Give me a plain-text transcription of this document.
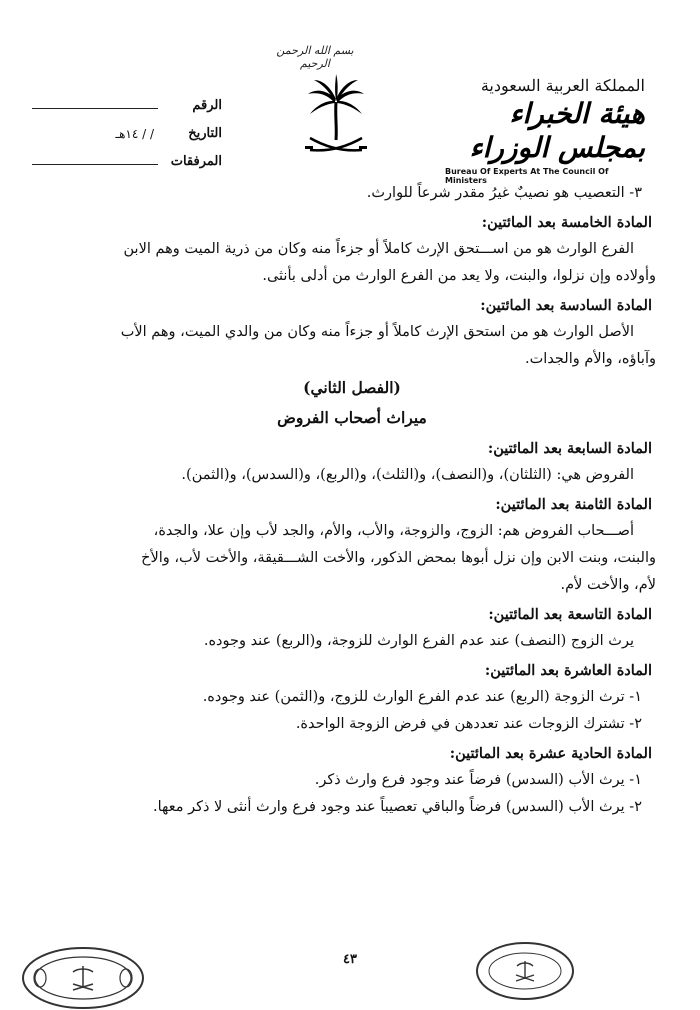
بسم الله الرحمن الرحيم
المملكة العربية السعودية
هيئة الخبراء بمجلس الوزراء
Bureau Of Experts At The Council Of Ministers
الرقم
التاريخ
/ / ١٤هـ
المرفقات
٣- التعصيب هو نصيبٌ غيرُ مقدر شرعاً للوارث.
المادة الخامسة بعد المائتين:
الفرع الوارث هو من اســـتحق الإرث كاملاً أو جزءاً منه وكان من ذرية الميت وهم الابن
وأولاده وإن نزلوا، والبنت، ولا يعد من الفرع الوارث من أدلى بأنثى.
المادة السادسة بعد المائتين:
الأصل الوارث هو من استحق الإرث كاملاً أو جزءاً منه وكان من والدي الميت، وهم الأب
وآباؤه، والأم والجدات.
(الفصل الثاني)
ميراث أصحاب الفروض
المادة السابعة بعد المائتين:
الفروض هي: (الثلثان)، و(النصف)، و(الثلث)، و(الربع)، و(السدس)، و(الثمن).
المادة الثامنة بعد المائتين:
أصـــحاب الفروض هم: الزوج، والزوجة، والأب، والأم، والجد لأب وإن علا، والجدة،
والبنت، وبنت الابن وإن نزل أبوها بمحض الذكور، والأخت الشـــقيقة، والأخت لأب، والأخ
لأم، والأخت لأم.
المادة التاسعة بعد المائتين:
يرث الزوج (النصف) عند عدم الفرع الوارث للزوجة، و(الربع) عند وجوده.
المادة العاشرة بعد المائتين:
١- ترث الزوجة (الربع) عند عدم الفرع الوارث للزوج، و(الثمن) عند وجوده.
٢- تشترك الزوجات عند تعددهن في فرض الزوجة الواحدة.
المادة الحادية عشرة بعد المائتين:
١- يرث الأب (السدس) فرضاً عند وجود فرع وارث ذكر.
٢- يرث الأب (السدس) فرضاً والباقي تعصيباً عند وجود فرع وارث أنثى لا ذكر معها.
٤٣
